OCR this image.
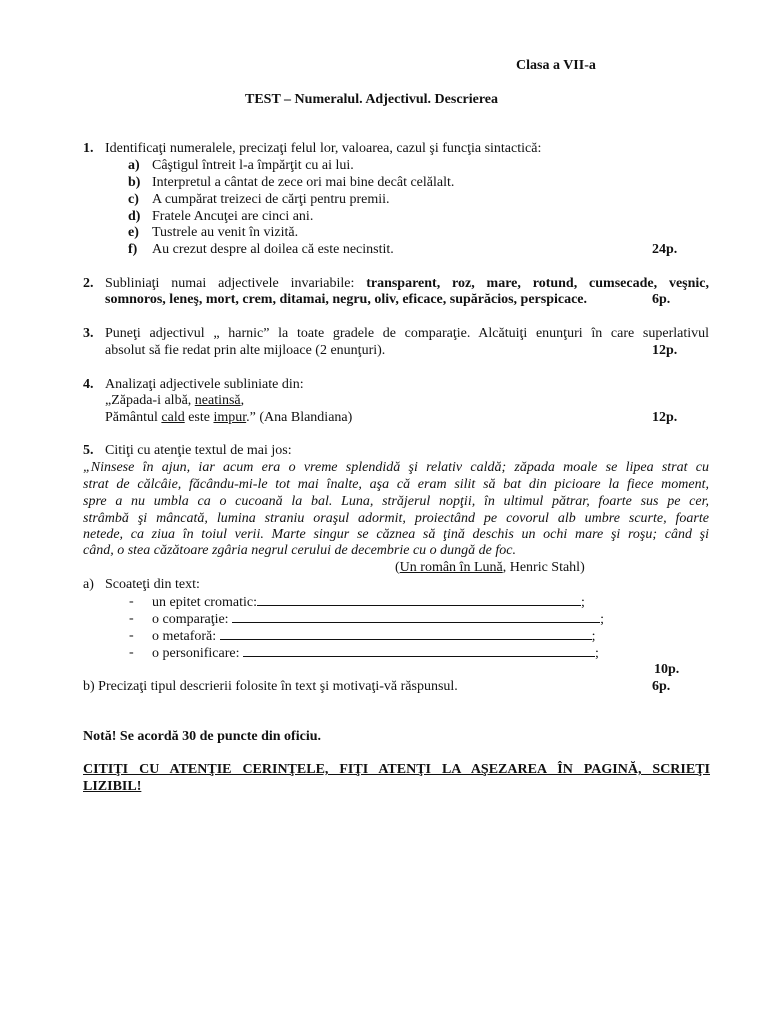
Clasa a VII-a
TEST – Numeralul. Adjectivul. Descrierea
1. Identificaţi numeralele, precizaţi felul lor, valoarea, cazul şi funcţia sintactică:
a) Câştigul întreit l-a împărţit cu ai lui.
b) Interpretul a cântat de zece ori mai bine decât celălalt.
c) A cumpărat treizeci de cărţi pentru premii.
d) Fratele Ancuţei are cinci ani.
e) Tustrele au venit în vizită.
f) Au crezut despre al doilea că este necinstit.	24p.
2. Subliniaţi numai adjectivele invariabile: transparent, roz, mare, rotund, cumsecade, veşnic,
somnoros, leneş, mort, crem, ditamai, negru, oliv, eficace, supărăcios, perspicace.	6p.
3. Puneţi adjectivul „ harnic” la toate gradele de comparaţie. Alcătuiţi enunţuri în care superlativul
absolut să fie redat prin alte mijloace (2 enunţuri).	12p.
4. Analizaţi adjectivele subliniate din:
„Zăpada-i albă, neatinsă,
Pământul cald este impur.” (Ana Blandiana)	12p.
5. Citiţi cu atenţie textul de mai jos:
„Ninsese în ajun, iar acum era o vreme splendidă şi relativ caldă; zăpada moale se lipea strat cu
strat de călcâie, făcându-mi-le tot mai înalte, aşa că eram silit să bat din picioare la fiece moment,
spre a nu umbla ca o cucoană la bal. Luna, străjerul nopţii, în ultimul pătrar, foarte sus pe cer,
strâmbă şi mâncată, lumina straniu oraşul adormit, proiectând pe covorul alb umbre scurte, foarte
netede, ca ziua în toiul verii. Marte singur se căznea să ţină deschis un ochi mare şi roşu; când şi
când, o stea căzătoare zgâria negrul cerului de decembrie cu o dungă de foc.
(Un român în Lună, Henric Stahl)
a) Scoateţi din text:
- un epitet cromatic:	;
- o comparaţie:	;
- o metaforă:	;
- o personificare:	;
10p.
b) Precizaţi tipul descrierii folosite în text şi motivaţi-vă răspunsul.	6p.
Notă! Se acordă 30 de puncte din oficiu.
CITIŢI CU ATENŢIE CERINŢELE, FIŢI ATENŢI LA AŞEZAREA ÎN PAGINĂ, SCRIEŢI
LIZIBIL!
